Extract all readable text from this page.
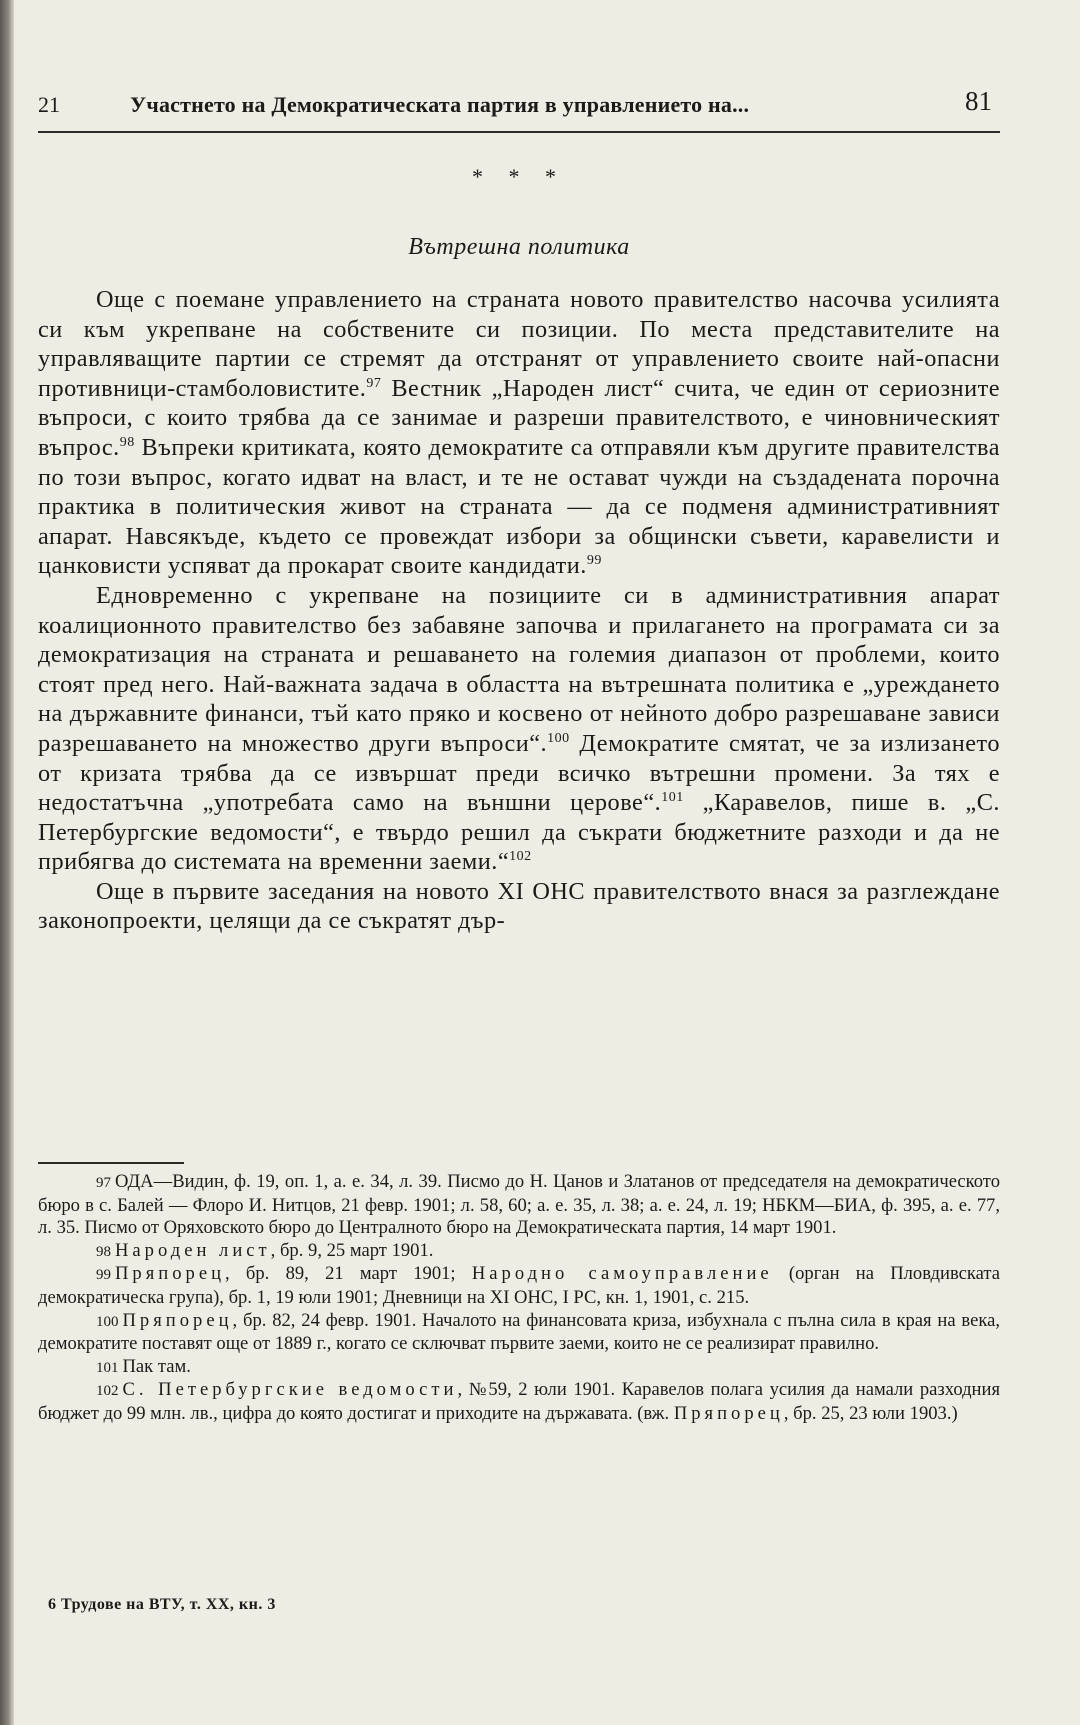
21	Участнето на Демократическата партия в управлението на...	81
* * *
Вътрешна политика

Още с поемане управлението на страната новото правителство насочва усилията си към укрепване на собствените си позиции. По места представителите на управляващите партии се стремят да отстранят от управлението своите най-опасни противници-стамболовистите.$^{97}$ Вестник „Народен лист“ счита, че един от сериозните въпроси, с които трябва да се занимае и разреши правителството, е чиновническият въпрос.$^{98}$ Въпреки критиката, която демократите са отправяли към другите правителства по този въпрос, когато идват на власт, и те не остават чужди на създадената порочна практика в политическия живот на страната — да се подменя административният апарат. Навсякъде, където се провеждат избори за общински съвети, каравелисти и цанковисти успяват да прокарат своите кандидати.$^{99}$

Едновременно с укрепване на позициите си в административния апарат коалиционното правителство без забавяне започва и прилагането на програмата си за демократизация на страната и решаването на големия диапазон от проблеми, които стоят пред него. Най-важната задача в областта на вътрешната политика е „уреждането на държавните финанси, тъй като пряко и косвено от нейното добро разрешаване зависи разрешаването на множество други въпроси“.$^{100}$ Демократите смятат, че за излизането от кризата трябва да се извършат преди всичко вътрешни промени. За тях е недостатъчна „употребата само на външни церове“.$^{101}$ „Каравелов, пише в. „С. Петербургские ведомости“, е твърдо решил да съкрати бюджетните разходи и да не прибягва до системата на временни заеми.“$^{102}$

Още в първите заседания на новото XI ОНС правителството внася за разглеждане законопроекти, целящи да се съкратят дър-

97 ОДА—Видин, ф. 19, оп. 1, а. е. 34, л. 39. Писмо до Н. Цанов и Златанов от председателя на демократическото бюро в с. Балей — Флоро И. Нитцов, 21 февр. 1901; л. 58, 60; а. е. 35, л. 38; а. е. 24, л. 19; НБКМ—БИА, ф. 395, а. е. 77, л. 35. Писмо от Оряховското бюро до Централното бюро на Демократическата партия, 14 март 1901.

98 Народен лист, бр. 9, 25 март 1901.

99 Пряпорец, бр. 89, 21 март 1901; Народно самоуправление (орган на Пловдивската демократическа група), бр. 1, 19 юли 1901; Дневници на XI ОНС, I РС, кн. 1, 1901, с. 215.

100 Пряпорец, бр. 82, 24 февр. 1901. Началото на финансовата криза, избухнала с пълна сила в края на века, демократите поставят още от 1889 г., когато се сключват първите заеми, които не се реализират правилно.

101 Пак там.

102 С. Петербургские ведомости, №59, 2 юли 1901. Каравелов полага усилия да намали разходния бюджет до 99 млн. лв., цифра до която достигат и приходите на държавата. (вж. Пряпорец, бр. 25, 23 юли 1903.)

6 Трудове на ВТУ, т. XX, кн. 3
